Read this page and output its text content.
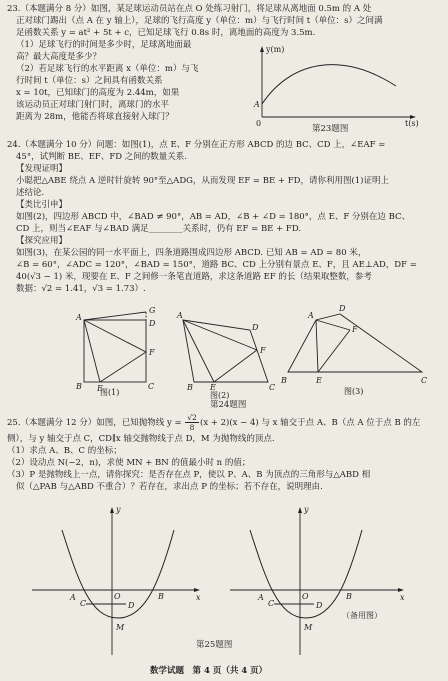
23.（本题满分 8 分）如图，某足球运动员站在点 O 处练习射门，将足球从离地面 0.5m 的 A 处
正对球门踢出（点 A 在 y 轴上），足球的飞行高度 y（单位：m）与飞行时间 t（单位：s）之间满
足函数关系 y = at² + 5t + c，已知足球飞行 0.8s 时，离地面的高度为 3.5m.
（1）足球飞行的时间是多少时，足球离地面最
高？最大高度是多少？
（2）若足球飞行的水平距离 x（单位：m）与飞
行时间 t（单位：s）之间具有函数关系
x = 10t，已知球门的高度为 2.44m，如果
该运动员正对球门射门时，离球门的水平
距离为 28m，他能否将球直接射入球门？
y(m)
t(s)
A
0
第23题图
24.（本题满分 10 分）问题：如图(1)，点 E、F 分别在正方形 ABCD 的边 BC、CD 上，∠EAF =
45°，试判断 BE、EF、FD 之间的数量关系.
【发现证明】
小聪把△ABE 绕点 A 逆时针旋转 90°至△ADG，从而发现 EF = BE + FD，请你利用图(1)证明上
述结论.
【类比引申】
如图(2)，四边形 ABCD 中，∠BAD ≠ 90°，AB = AD，∠B + ∠D = 180°，点 E、F 分别在边 BC、
CD 上，则当∠EAF 与∠BAD 满足________关系时，仍有 EF = BE + FD.
【探究应用】
如图(3)，在某公园的同一水平面上，四条道路围成四边形 ABCD. 已知 AB = AD = 80 米，
∠B = 60°，∠ADC = 120°，∠BAD = 150°，道路 BC、CD 上分别有景点 E、F，且 AE⊥AD，DF =
40(√3 − 1) 米，现要在 E、F 之间修一条笔直道路，求这条道路 EF 的长（结果取整数，参考
数据：√2 = 1.41，√3 = 1.73）.
A
D
G
F
B E	C
图(1)
A
D
F
B E	C
图(2)
A
D
F
B	E	C
图(3)
第24题图
25.（本题满分 12 分）如图，已知抛物线 y =
√2
8 (x + 2)(x − 4) 与 x 轴交于点 A、B（点 A 位于点 B 的左
侧），与 y 轴交于点 C，CD∥x 轴交抛物线于点 D，M 为抛物线的顶点.
（1）求点 A、B、C 的坐标；
（2）设动点 N(−2，n)，求使 MN + BN 的值最小时 n 的值；
（3）P 是抛物线上一点，请你探究：是否存在点 P，使以 P、A、B 为顶点的三角形与△ABD 相
似（△PAB 与△ABD 不重合）？若存在，求出点 P 的坐标；若不存在，说明理由.
y
x
A	O	B
C	D
M
y
x
A	O	B
C	D
M
（备用图）
第25题图
数学试题　第 4 页（共 4 页）
